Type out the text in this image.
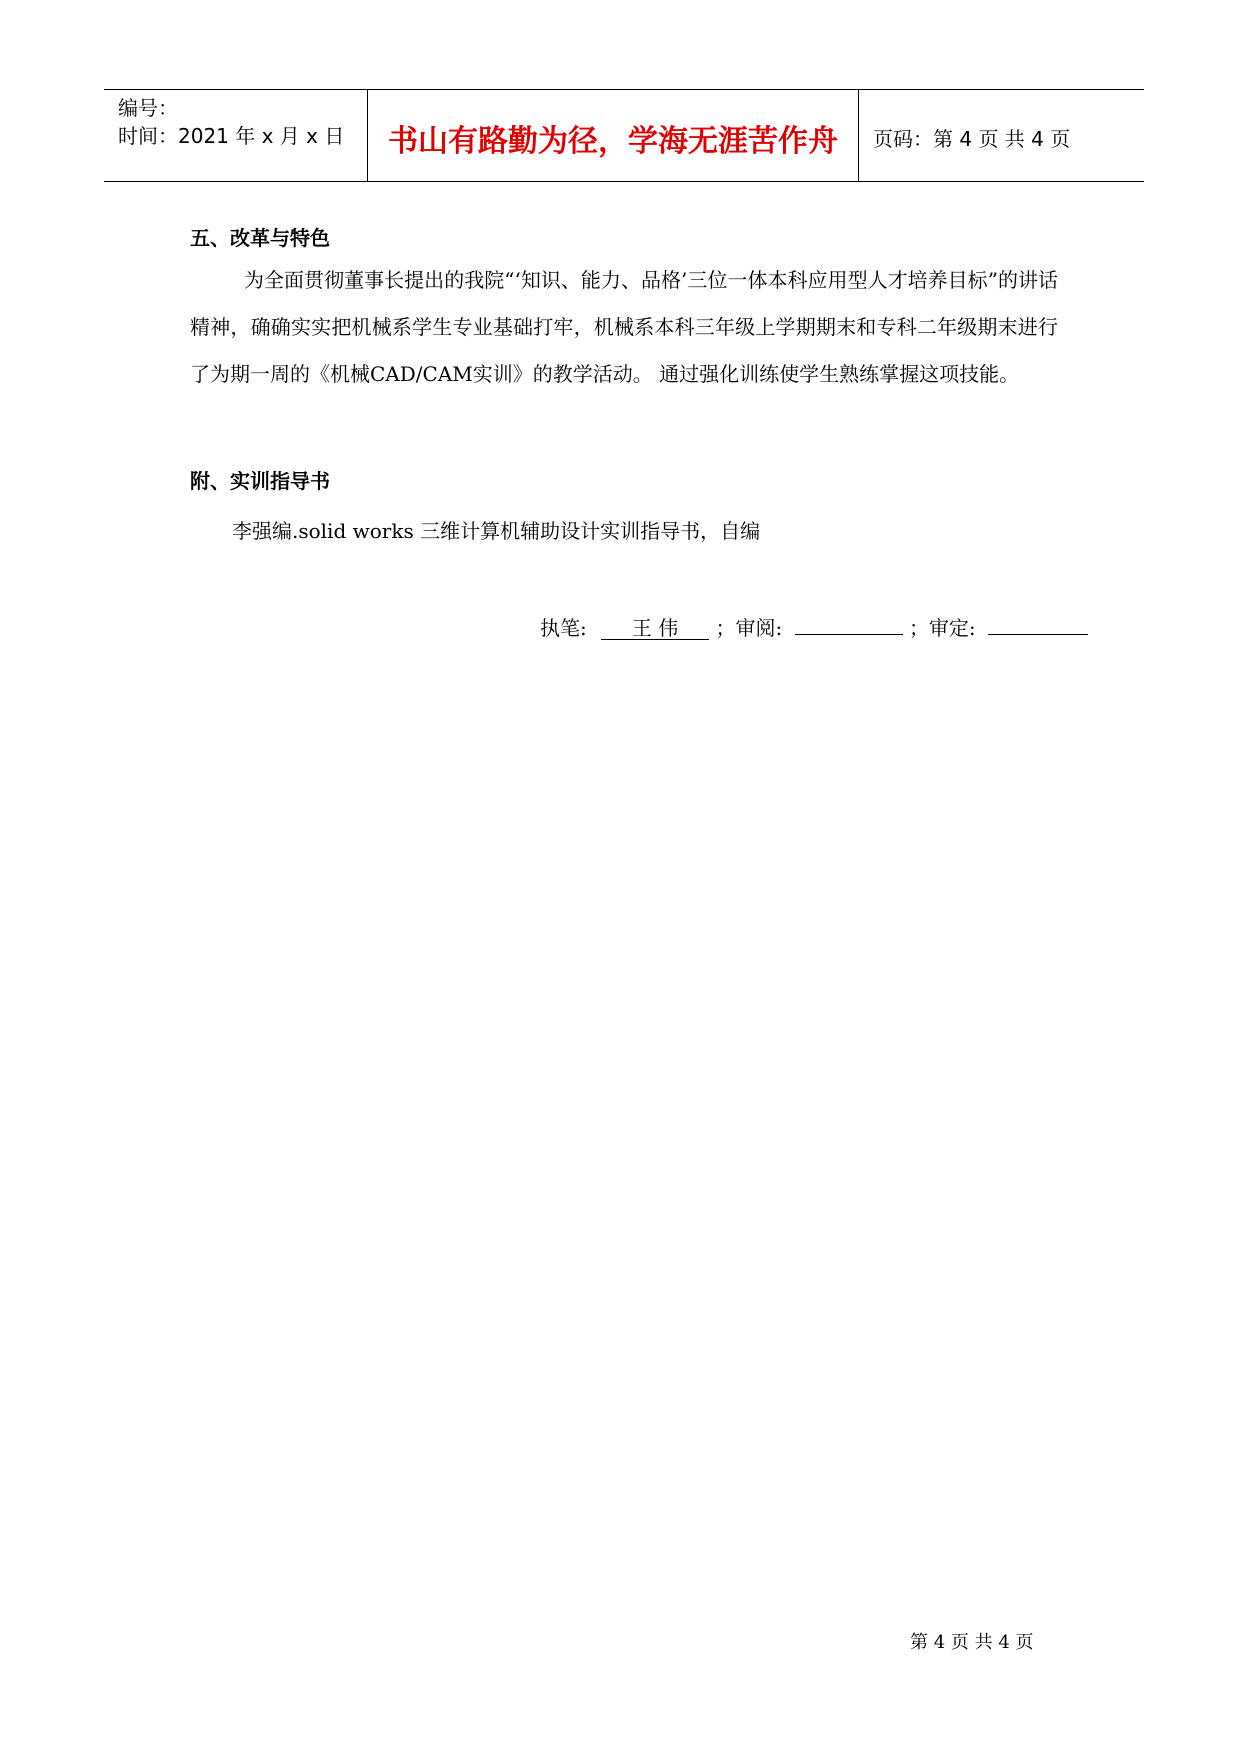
编号：
时间：2021 年 x 月 x 日	书山有路勤为径，学海无涯苦作舟	页码：第 4 页 共 4 页
五、改革与特色
为全面贯彻董事长提出的我院“‘知识、能力、品格’三位一体本科应用型人才培养目标”的讲话精神，确确实实把机械系学生专业基础打牢，机械系本科三年级上学期期末和专科二年级期末进行了为期一周的《机械CAD/CAM实训》的教学活动。 通过强化训练使学生熟练掌握这项技能。
附、实训指导书
李强编.solid works 三维计算机辅助设计实训指导书，自编
执笔: 王 伟 ；审阅:	；审定:
第 4 页 共 4 页
